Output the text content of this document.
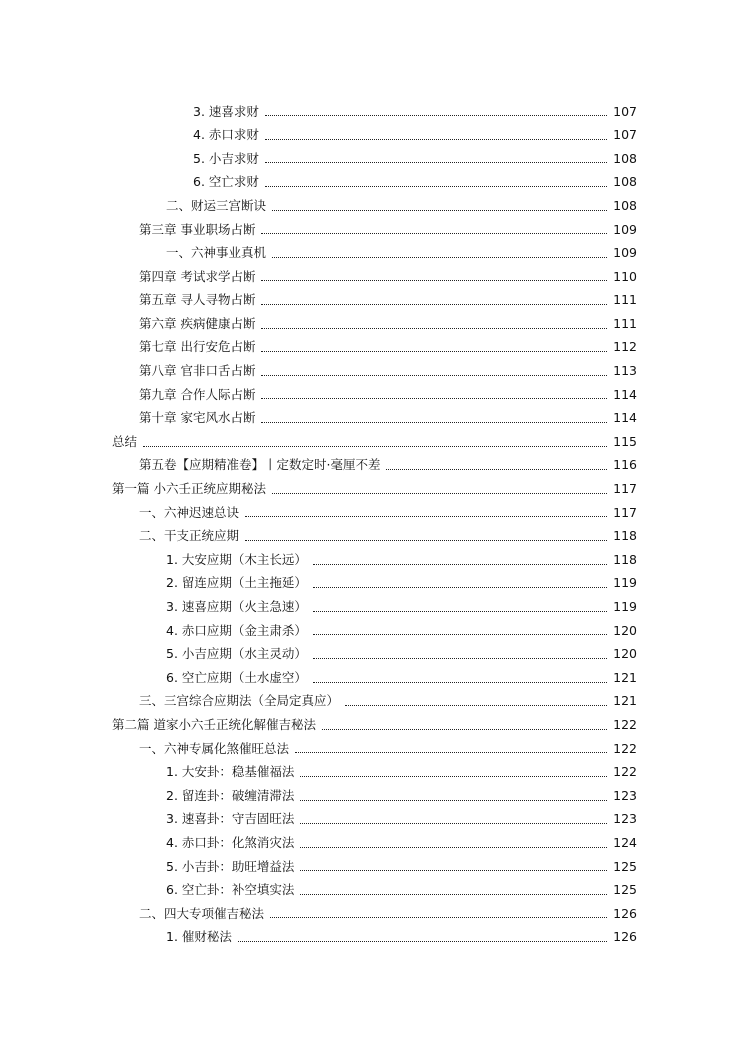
3. 速喜求财	107
4. 赤口求财	107
5. 小吉求财	108
6. 空亡求财	108
二、财运三宫断诀	108
第三章 事业职场占断	109
一、六神事业真机	109
第四章 考试求学占断	110
第五章 寻人寻物占断	111
第六章 疾病健康占断	111
第七章 出行安危占断	112
第八章 官非口舌占断	113
第九章 合作人际占断	114
第十章 家宅风水占断	114
总结	115
第五卷【应期精准卷】丨定数定时·毫厘不差	116
第一篇 小六壬正统应期秘法	117
一、六神迟速总诀	117
二、干支正统应期	118
1. 大安应期（木主长远）	118
2. 留连应期（土主拖延）	119
3. 速喜应期（火主急速）	119
4. 赤口应期（金主肃杀）	120
5. 小吉应期（水主灵动）	120
6. 空亡应期（土水虚空）	121
三、三宫综合应期法（全局定真应）	121
第二篇 道家小六壬正统化解催吉秘法	122
一、六神专属化煞催旺总法	122
1. 大安卦：稳基催福法	122
2. 留连卦：破缠清滞法	123
3. 速喜卦：守吉固旺法	123
4. 赤口卦：化煞消灾法	124
5. 小吉卦：助旺增益法	125
6. 空亡卦：补空填实法	125
二、四大专项催吉秘法	126
1. 催财秘法	126
